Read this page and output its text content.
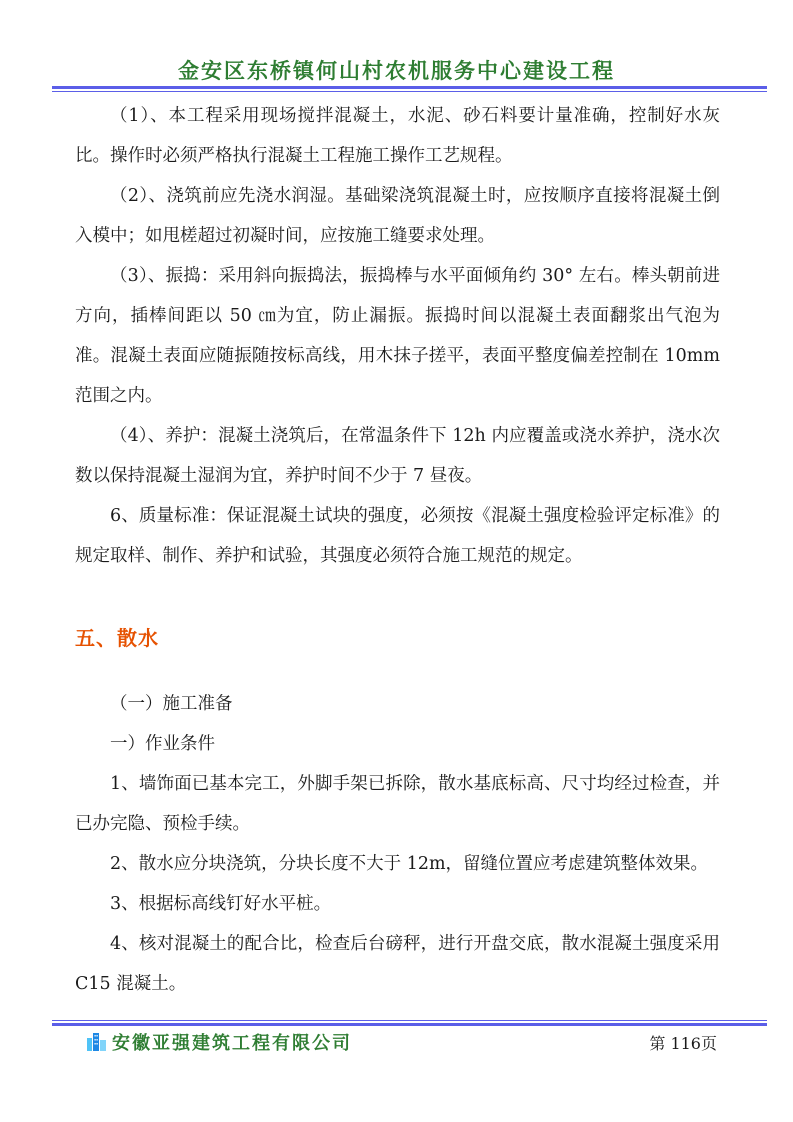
金安区东桥镇何山村农机服务中心建设工程

（1）、本工程采用现场搅拌混凝土，水泥、砂石料要计量准确，控制好水灰比。操作时必须严格执行混凝土工程施工操作工艺规程。

（2）、浇筑前应先浇水润湿。基础梁浇筑混凝土时，应按顺序直接将混凝土倒入模中；如甩槎超过初凝时间，应按施工缝要求处理。

（3）、振捣：采用斜向振捣法，振捣棒与水平面倾角约 30° 左右。棒头朝前进方向，插棒间距以 50 ㎝为宜，防止漏振。振捣时间以混凝土表面翻浆出气泡为准。混凝土表面应随振随按标高线，用木抹子搓平，表面平整度偏差控制在 10mm 范围之内。

（4）、养护：混凝土浇筑后，在常温条件下 12h 内应覆盖或浇水养护，浇水次数以保持混凝土湿润为宜，养护时间不少于 7 昼夜。

6、质量标准：保证混凝土试块的强度，必须按《混凝土强度检验评定标准》的规定取样、制作、养护和试验，其强度必须符合施工规范的规定。

五、散水

（一）施工准备

一）作业条件

1、墙饰面已基本完工，外脚手架已拆除，散水基底标高、尺寸均经过检查，并已办完隐、预检手续。

2、散水应分块浇筑，分块长度不大于 12m，留缝位置应考虑建筑整体效果。

3、根据标高线钉好水平桩。

4、核对混凝土的配合比，检查后台磅秤，进行开盘交底，散水混凝土强度采用 C15 混凝土。

安徽亚强建筑工程有限公司	第 116页
